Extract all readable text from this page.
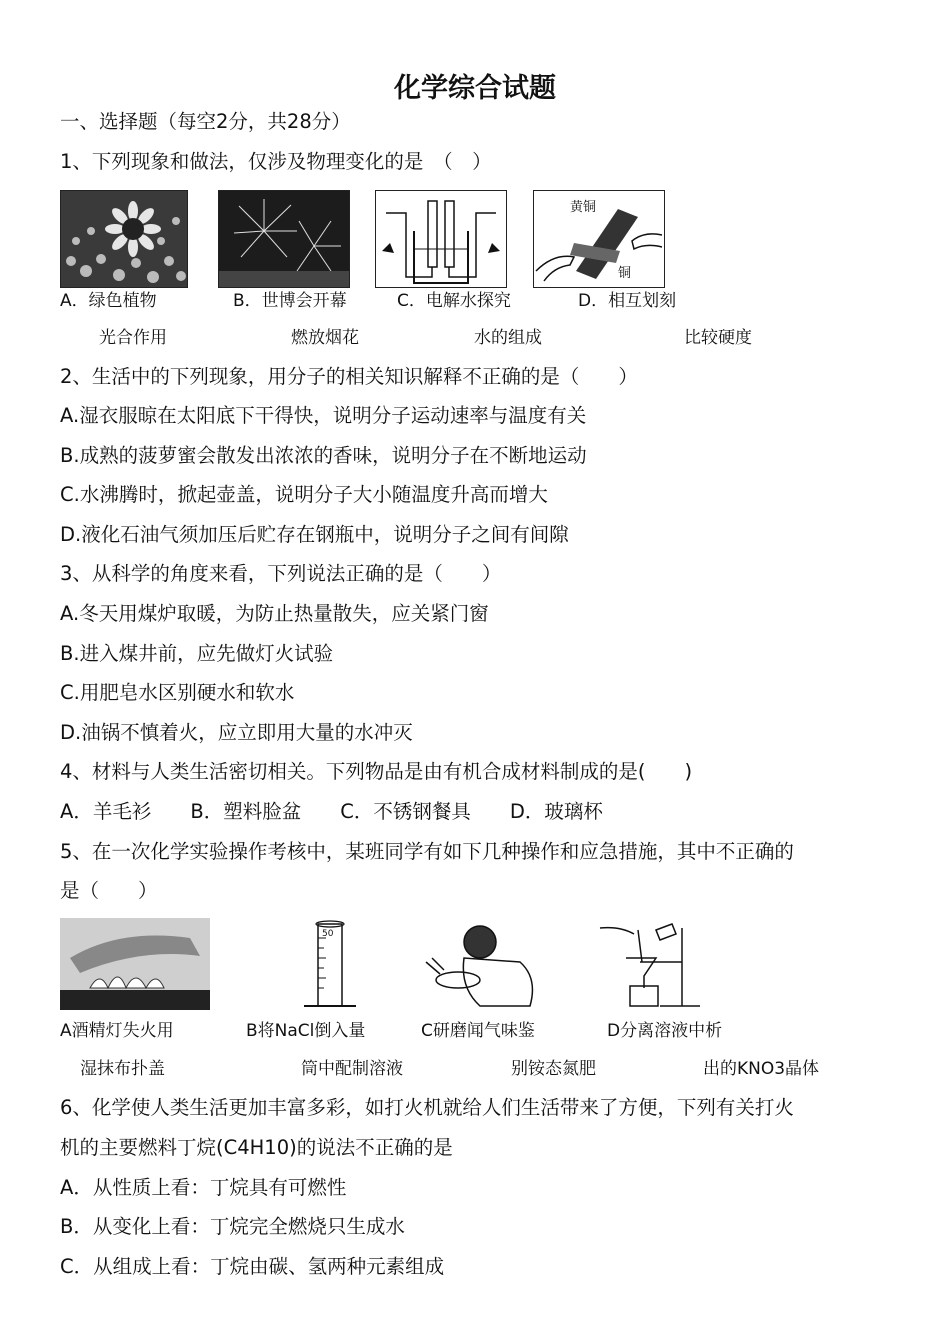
化学综合试题
一、选择题（每空2分，共28分）
1、下列现象和做法，仅涉及物理变化的是　（　）
黄铜
铜
A．绿色植物	B．世博会开幕	C．电解水探究	D．相互划刻
光合作用	燃放烟花	水的组成	比较硬度
2、生活中的下列现象，用分子的相关知识解释不正确的是（　　）
A.湿衣服晾在太阳底下干得快，说明分子运动速率与温度有关
B.成熟的菠萝蜜会散发出浓浓的香味，说明分子在不断地运动
C.水沸腾时，掀起壶盖，说明分子大小随温度升高而增大
D.液化石油气须加压后贮存在钢瓶中，说明分子之间有间隙
3、从科学的角度来看，下列说法正确的是（　　）
A.冬天用煤炉取暖，为防止热量散失，应关紧门窗
B.进入煤井前，应先做灯火试验
C.用肥皂水区别硬水和软水
D.油锅不慎着火，应立即用大量的水冲灭
4、材料与人类生活密切相关。下列物品是由有机合成材料制成的是(　　)
A．羊毛衫　　B．塑料脸盆　　C．不锈钢餐具　　D．玻璃杯
5、在一次化学实验操作考核中，某班同学有如下几种操作和应急措施，其中不正确的
是（　　）
50
A酒精灯失火用	B将NaCl倒入量	C研磨闻气味鉴	D分离溶液中析
湿抹布扑盖	筒中配制溶液	别铵态氮肥	出的KNO3晶体
6、化学使人类生活更加丰富多彩，如打火机就给人们生活带来了方便，下列有关打火
机的主要燃料丁烷(C4H10)的说法不正确的是
A．从性质上看：丁烷具有可燃性
B．从变化上看：丁烷完全燃烧只生成水
C．从组成上看：丁烷由碳、氢两种元素组成
